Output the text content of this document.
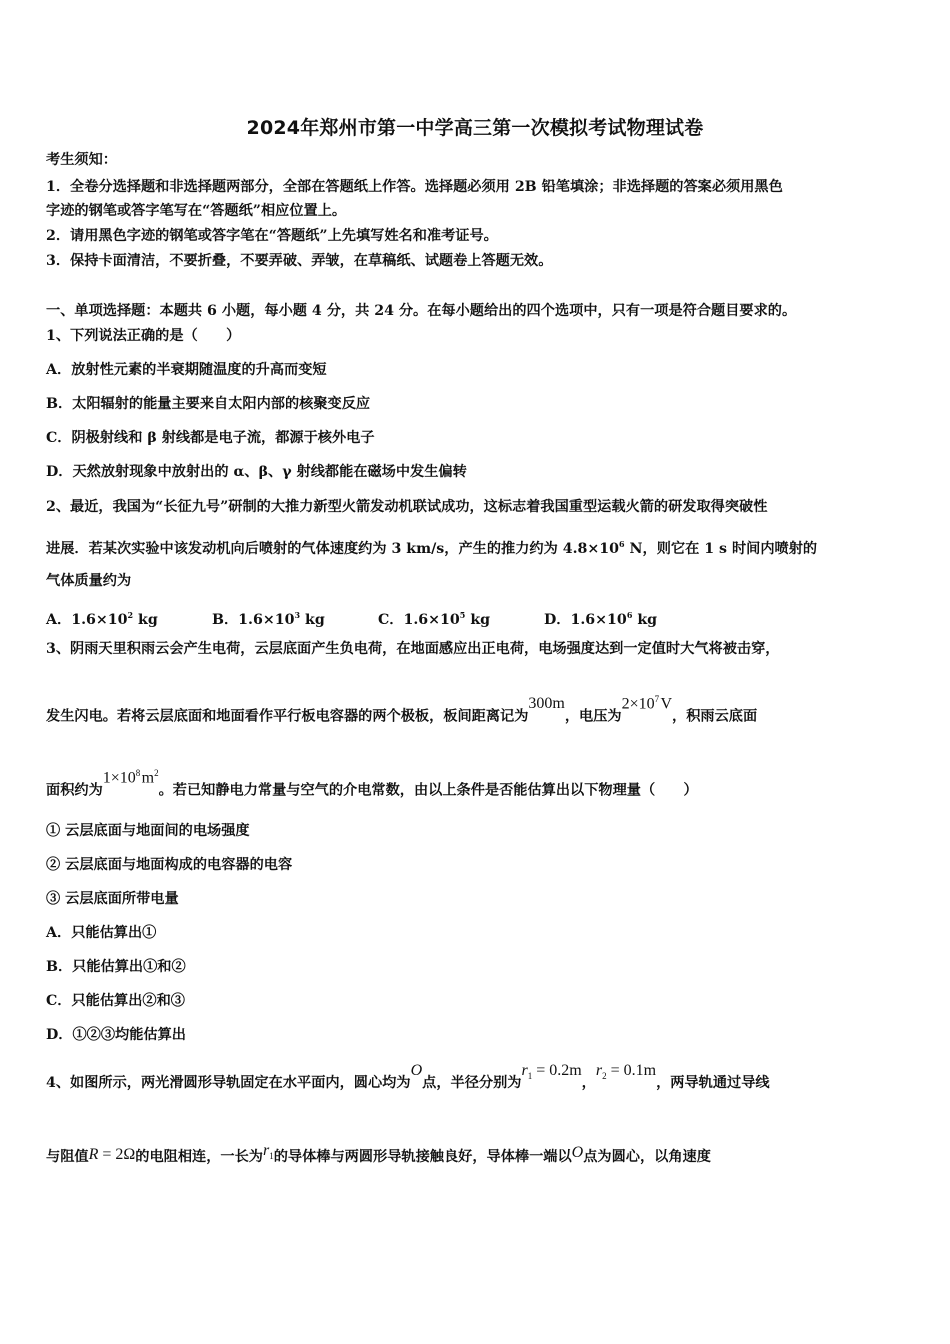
2024年郑州市第一中学高三第一次模拟考试物理试卷
考生须知：
1．全卷分选择题和非选择题两部分，全部在答题纸上作答。选择题必须用 2B 铅笔填涂；非选择题的答案必须用黑色
字迹的钢笔或答字笔写在“答题纸”相应位置上。
2．请用黑色字迹的钢笔或答字笔在“答题纸”上先填写姓名和准考证号。
3．保持卡面清洁，不要折叠，不要弄破、弄皱，在草稿纸、试题卷上答题无效。
一、单项选择题：本题共 6 小题，每小题 4 分，共 24 分。在每小题给出的四个选项中，只有一项是符合题目要求的。
1、下列说法正确的是（　　）
A．放射性元素的半衰期随温度的升高而变短
B．太阳辐射的能量主要来自太阳内部的核聚变反应
C．阴极射线和 β 射线都是电子流，都源于核外电子
D．天然放射现象中放射出的 α、β、γ 射线都能在磁场中发生偏转
2、最近，我国为“长征九号”研制的大推力新型火箭发动机联试成功，这标志着我国重型运载火箭的研发取得突破性
进展．若某次实验中该发动机向后喷射的气体速度约为 3 km/s，产生的推力约为 $4.8\times 10^6$ N，则它在 1 s 时间内喷射的
气体质量约为
A．$1.6\times 10^2$ kg	B．$1.6\times 10^3$ kg	C．$1.6\times 10^5$ kg	D．$1.6\times 10^6$ kg
3、阴雨天里积雨云会产生电荷，云层底面产生负电荷，在地面感应出正电荷，电场强度达到一定值时大气将被击穿，
发生闪电。若将云层底面和地面看作平行板电容器的两个极板，板间距离记为300m，电压为$2\times 10^7$ V，积雨云底面
面积约为$1\times 10^8$ $m^2$。若已知静电力常量与空气的介电常数，由以上条件是否能估算出以下物理量（　　）
① 云层底面与地面间的电场强度
② 云层底面与地面构成的电容器的电容
③ 云层底面所带电量
A．只能估算出①
B．只能估算出①和②
C．只能估算出②和③
D．①②③均能估算出
4、如图所示，两光滑圆形导轨固定在水平面内，圆心均为O点，半径分别为$r_1 = 0.2m$，$r_2 = 0.1m$，两导轨通过导线
与阻值R = 2Ω的电阻相连，一长为$r_1$的导体棒与两圆形导轨接触良好，导体棒一端以O点为圆心，以角速度
